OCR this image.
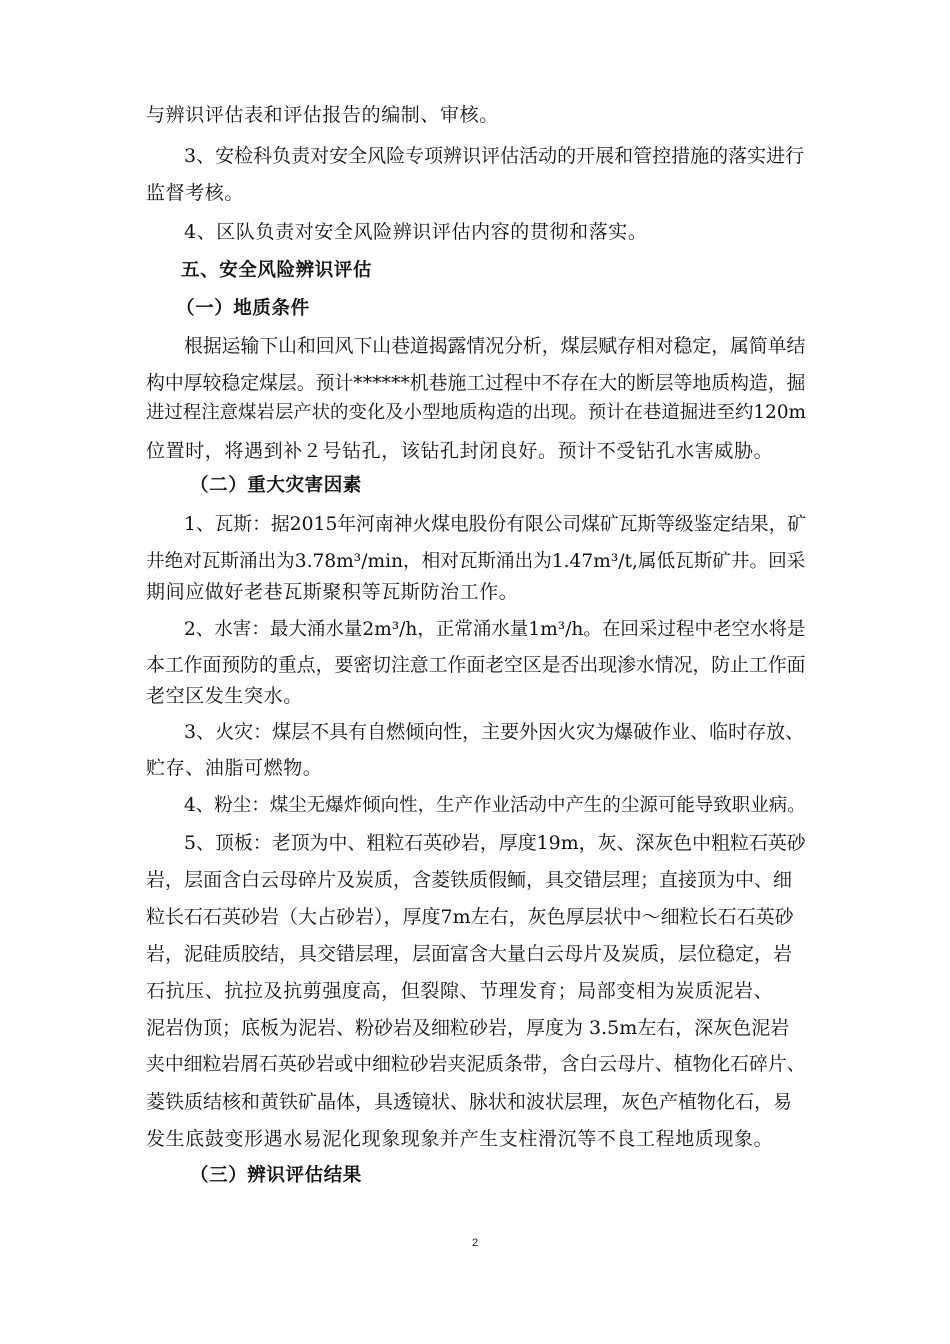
与辨识评估表和评估报告的编制、审核。
3、安检科负责对安全风险专项辨识评估活动的开展和管控措施的落实进行
监督考核。
4、区队负责对安全风险辨识评估内容的贯彻和落实。
五、安全风险辨识评估
（一）地质条件
根据运输下山和回风下山巷道揭露情况分析，煤层赋存相对稳定，属简单结
构中厚较稳定煤层。预计******机巷施工过程中不存在大的断层等地质构造，掘
进过程注意煤岩层产状的变化及小型地质构造的出现。预计在巷道掘进至约120m
位置时，将遇到补２号钻孔，该钻孔封闭良好。预计不受钻孔水害威胁。
（二）重大灾害因素
1、瓦斯：据2015年河南神火煤电股份有限公司煤矿瓦斯等级鉴定结果，矿
井绝对瓦斯涌出为3.78m³/min，相对瓦斯涌出为1.47m³/t,属低瓦斯矿井。回采
期间应做好老巷瓦斯聚积等瓦斯防治工作。
2、水害：最大涌水量2m³/h，正常涌水量1m³/h。在回采过程中老空水将是
本工作面预防的重点，要密切注意工作面老空区是否出现渗水情况，防止工作面
老空区发生突水。
3、火灾：煤层不具有自燃倾向性，主要外因火灾为爆破作业、临时存放、
贮存、油脂可燃物。
4、粉尘：煤尘无爆炸倾向性，生产作业活动中产生的尘源可能导致职业病。
5、顶板：老顶为中、粗粒石英砂岩，厚度19m，灰、深灰色中粗粒石英砂
岩，层面含白云母碎片及炭质，含菱铁质假鲕，具交错层理；直接顶为中、细
粒长石石英砂岩（大占砂岩），厚度7m左右，灰色厚层状中～细粒长石石英砂
岩，泥硅质胶结，具交错层理，层面富含大量白云母片及炭质，层位稳定，岩
石抗压、抗拉及抗剪强度高，但裂隙、节理发育；局部变相为炭质泥岩、
泥岩伪顶；底板为泥岩、粉砂岩及细粒砂岩，厚度为 3.5m左右，深灰色泥岩
夹中细粒岩屑石英砂岩或中细粒砂岩夹泥质条带，含白云母片、植物化石碎片、
菱铁质结核和黄铁矿晶体，具透镜状、脉状和波状层理，灰色产植物化石，易
发生底鼓变形遇水易泥化现象现象并产生支柱滑沉等不良工程地质现象。
（三）辨识评估结果
2
